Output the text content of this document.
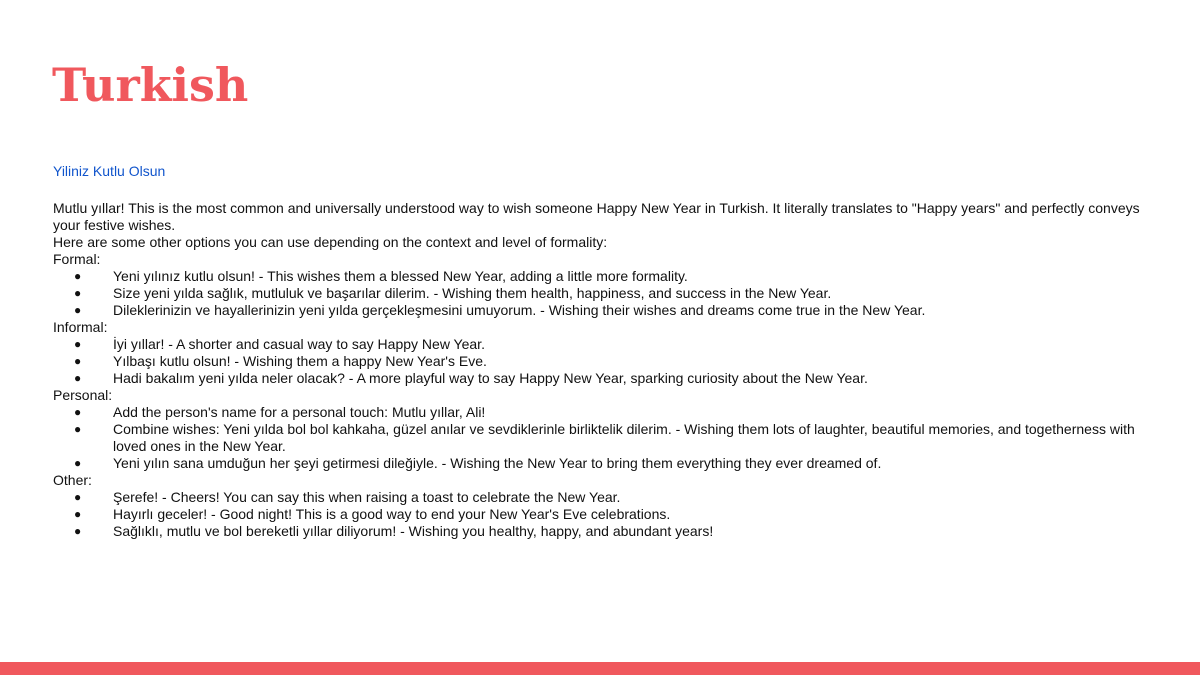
Turkish
Yiliniz Kutlu Olsun

Mutlu yıllar! This is the most common and universally understood way to wish someone Happy New Year in Turkish. It literally translates to "Happy years" and perfectly conveys your festive wishes.

Here are some other options you can use depending on the context and level of formality:

Formal:

● Yeni yılınız kutlu olsun! - This wishes them a blessed New Year, adding a little more formality.
● Size yeni yılda sağlık, mutluluk ve başarılar dilerim. - Wishing them health, happiness, and success in the New Year.
● Dileklerinizin ve hayallerinizin yeni yılda gerçekleşmesini umuyorum. - Wishing their wishes and dreams come true in the New Year.

Informal:

● İyi yıllar! - A shorter and casual way to say Happy New Year.
● Yılbaşı kutlu olsun! - Wishing them a happy New Year's Eve.
● Hadi bakalım yeni yılda neler olacak? - A more playful way to say Happy New Year, sparking curiosity about the New Year.

Personal:

● Add the person's name for a personal touch: Mutlu yıllar, Ali!
● Combine wishes: Yeni yılda bol bol kahkaha, güzel anılar ve sevdiklerinle birliktelik dilerim. - Wishing them lots of laughter, beautiful memories, and togetherness with loved ones in the New Year.
● Yeni yılın sana umduğun her şeyi getirmesi dileğiyle. - Wishing the New Year to bring them everything they ever dreamed of.

Other:

● Şerefe! - Cheers! You can say this when raising a toast to celebrate the New Year.
● Hayırlı geceler! - Good night! This is a good way to end your New Year's Eve celebrations.
● Sağlıklı, mutlu ve bol bereketli yıllar diliyorum! - Wishing you healthy, happy, and abundant years!
